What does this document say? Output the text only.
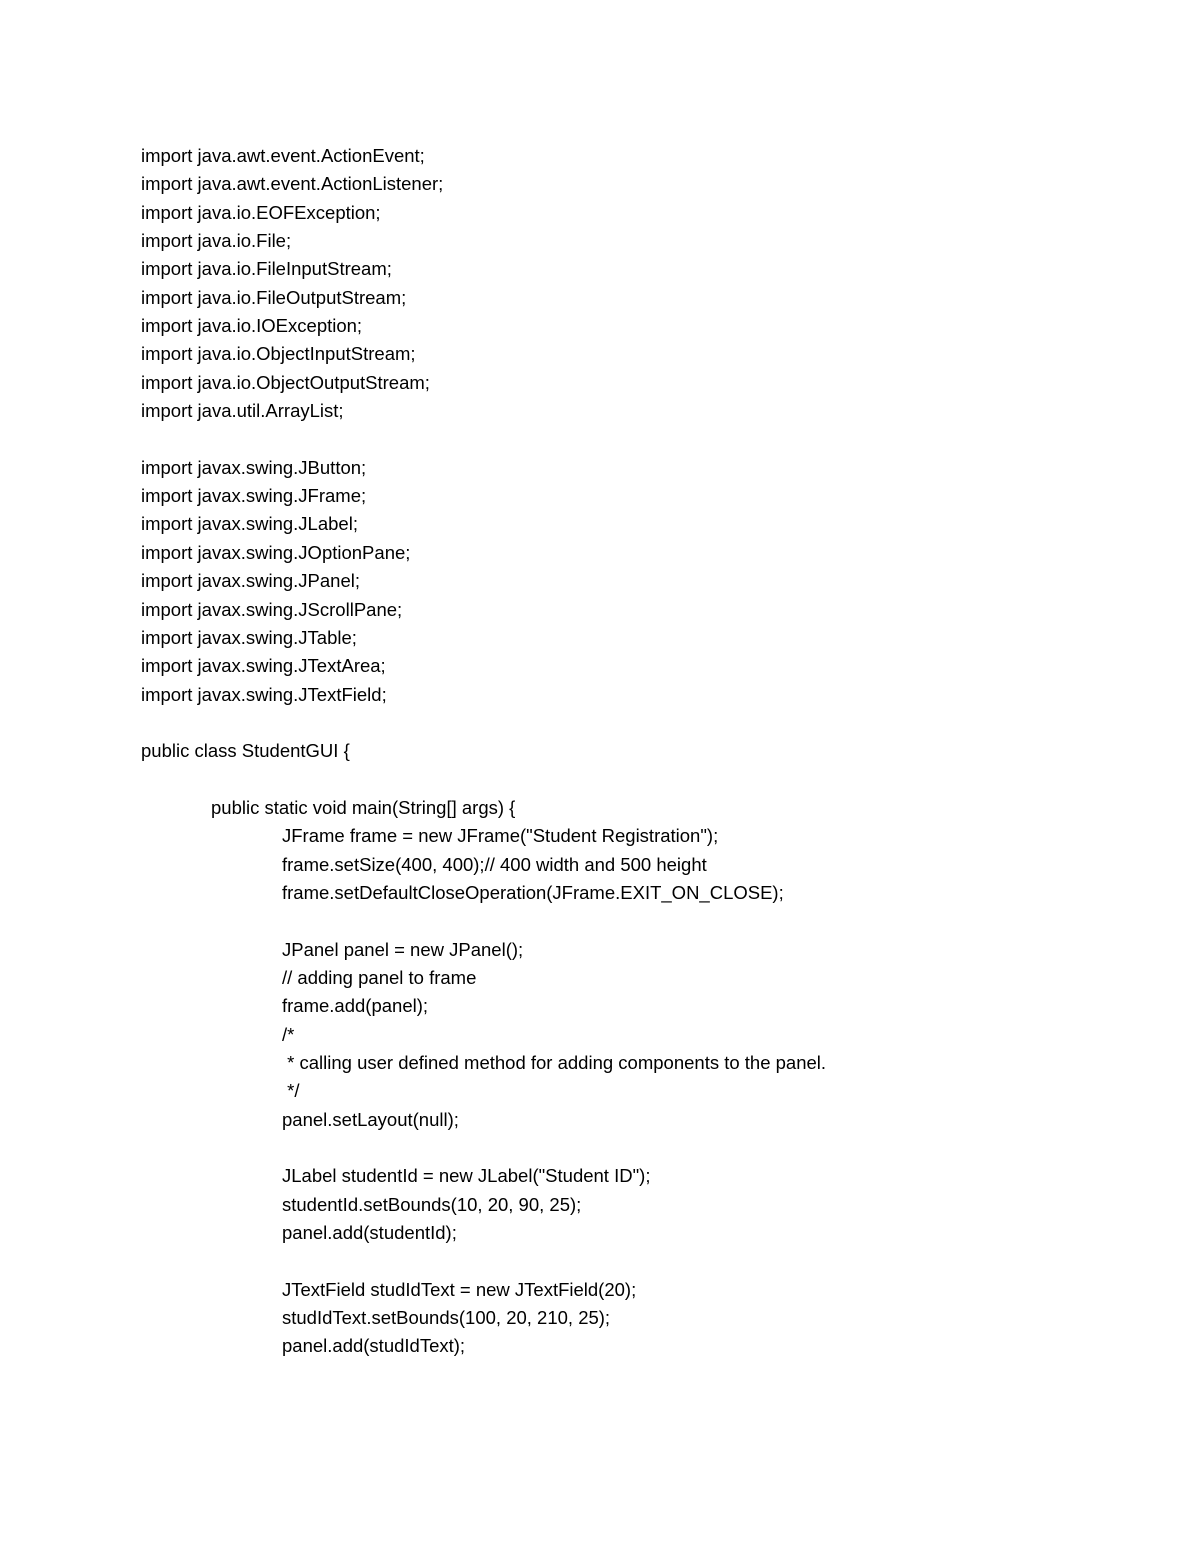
import java.awt.event.ActionEvent;
import java.awt.event.ActionListener;
import java.io.EOFException;
import java.io.File;
import java.io.FileInputStream;
import java.io.FileOutputStream;
import java.io.IOException;
import java.io.ObjectInputStream;
import java.io.ObjectOutputStream;
import java.util.ArrayList;
import javax.swing.JButton;
import javax.swing.JFrame;
import javax.swing.JLabel;
import javax.swing.JOptionPane;
import javax.swing.JPanel;
import javax.swing.JScrollPane;
import javax.swing.JTable;
import javax.swing.JTextArea;
import javax.swing.JTextField;
public class StudentGUI {
public static void main(String[] args) {
JFrame frame = new JFrame("Student Registration");
frame.setSize(400, 400);// 400 width and 500 height
frame.setDefaultCloseOperation(JFrame.EXIT_ON_CLOSE);
JPanel panel = new JPanel();
// adding panel to frame
frame.add(panel);
/*
* calling user defined method for adding components to the panel.
*/
panel.setLayout(null);
JLabel studentId = new JLabel("Student ID");
studentId.setBounds(10, 20, 90, 25);
panel.add(studentId);
JTextField studIdText = new JTextField(20);
studIdText.setBounds(100, 20, 210, 25);
panel.add(studIdText);
